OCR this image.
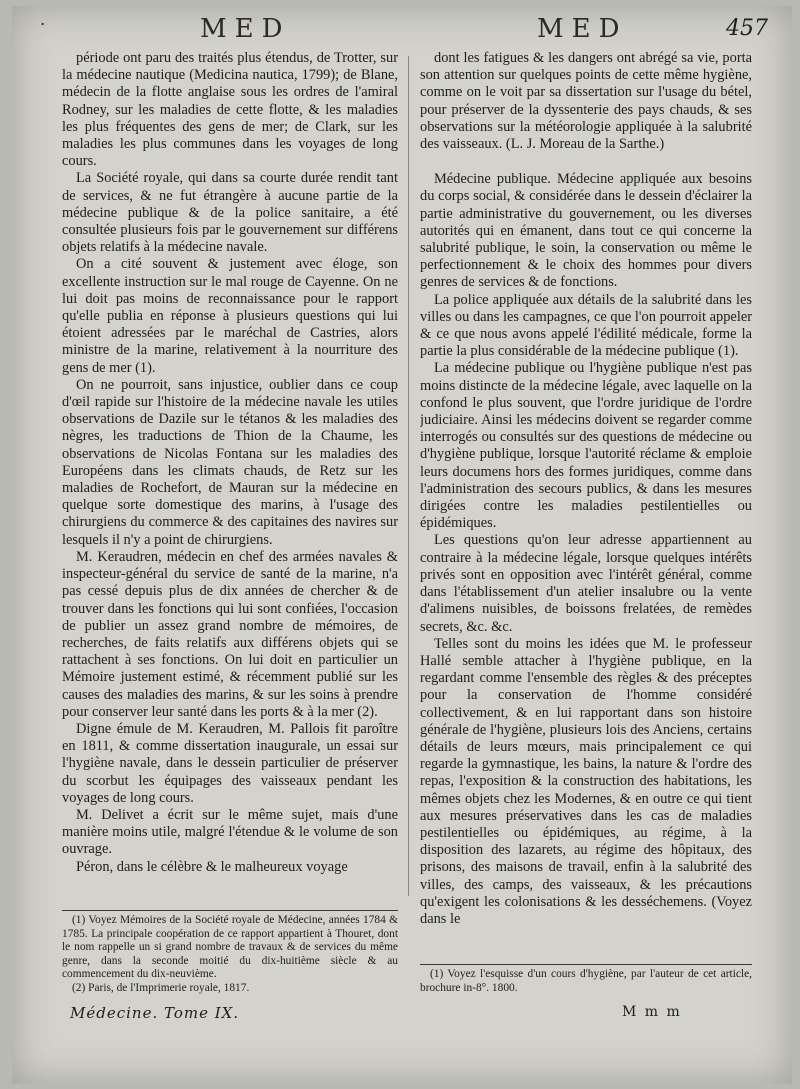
․	MED	MED	457

période ont paru des traités plus étendus, de Trotter, sur la médecine nautique (Medicina nautica, 1799); de Blane, médecin de la flotte anglaise sous les ordres de l'amiral Rodney, sur les maladies de cette flotte, & les maladies les plus fréquentes des gens de mer; de Clark, sur les maladies les plus communes dans les voyages de long cours.

La Société royale, qui dans sa courte durée rendit tant de services, & ne fut étrangère à aucune partie de la médecine publique & de la police sanitaire, a été consultée plusieurs fois par le gouvernement sur différens objets relatifs à la médecine navale.

On a cité souvent & justement avec éloge, son excellente instruction sur le mal rouge de Cayenne. On ne lui doit pas moins de reconnaissance pour le rapport qu'elle publia en réponse à plusieurs questions qui lui étoient adressées par le maréchal de Castries, alors ministre de la marine, relativement à la nourriture des gens de mer (1).

On ne pourroit, sans injustice, oublier dans ce coup d'œil rapide sur l'histoire de la médecine navale les utiles observations de Dazile sur le tétanos & les maladies des nègres, les traductions de Thion de la Chaume, les observations de Nicolas Fontana sur les maladies des Européens dans les climats chauds, de Retz sur les maladies de Rochefort, de Mauran sur la médecine en quelque sorte domestique des marins, à l'usage des chirurgiens du commerce & des capitaines des navires sur lesquels il n'y a point de chirurgiens.

M. Keraudren, médecin en chef des armées navales & inspecteur-général du service de santé de la marine, n'a pas cessé depuis plus de dix années de chercher & de trouver dans les fonctions qui lui sont confiées, l'occasion de publier un assez grand nombre de mémoires, de recherches, de faits relatifs aux différens objets qui se rattachent à ses fonctions. On lui doit en particulier un Mémoire justement estimé, & récemment publié sur les causes des maladies des marins, & sur les soins à prendre pour conserver leur santé dans les ports & à la mer (2).

Digne émule de M. Keraudren, M. Pallois fit paroître en 1811, & comme dissertation inaugurale, un essai sur l'hygiène navale, dans le dessein particulier de préserver du scorbut les équipages des vaisseaux pendant les voyages de long cours.

M. Delivet a écrit sur le même sujet, mais d'une manière moins utile, malgré l'étendue & le volume de son ouvrage.

Péron, dans le célèbre & le malheureux voyage

dont les fatigues & les dangers ont abrégé sa vie, porta son attention sur quelques points de cette même hygiène, comme on le voit par sa dissertation sur l'usage du bétel, pour préserver de la dyssenterie des pays chauds, & ses observations sur la météorologie appliquée à la salubrité des vaisseaux. (L. J. Moreau de la Sarthe.)

Médecine publique. Médecine appliquée aux besoins du corps social, & considérée dans le dessein d'éclairer la partie administrative du gouvernement, ou les diverses autorités qui en émanent, dans tout ce qui concerne la salubrité publique, le soin, la conservation ou même le perfectionnement & le choix des hommes pour divers genres de services & de fonctions.

La police appliquée aux détails de la salubrité dans les villes ou dans les campagnes, ce que l'on pourroit appeler & ce que nous avons appelé l'édilité médicale, forme la partie la plus considérable de la médecine publique (1).

La médecine publique ou l'hygiène publique n'est pas moins distincte de la médecine légale, avec laquelle on la confond le plus souvent, que l'ordre juridique de l'ordre judiciaire. Ainsi les médecins doivent se regarder comme interrogés ou consultés sur des questions de médecine ou d'hygiène publique, lorsque l'autorité réclame & emploie leurs documens hors des formes juridiques, comme dans l'administration des secours publics, & dans les mesures dirigées contre les maladies pestilentielles ou épidémiques.

Les questions qu'on leur adresse appartiennent au contraire à la médecine légale, lorsque quelques intérêts privés sont en opposition avec l'intérêt général, comme dans l'établissement d'un atelier insalubre ou la vente d'alimens nuisibles, de boissons frelatées, de remèdes secrets, &c. &c.

Telles sont du moins les idées que M. le professeur Hallé semble attacher à l'hygiène publique, en la regardant comme l'ensemble des règles & des préceptes pour la conservation de l'homme considéré collectivement, & en lui rapportant dans son histoire générale de l'hygiène, plusieurs lois des Anciens, certains détails de leurs mœurs, mais principalement ce qui regarde la gymnastique, les bains, la nature & l'ordre des repas, l'exposition & la construction des habitations, les mêmes objets chez les Modernes, & en outre ce qui tient aux mesures préservatives dans les cas de maladies pestilentielles ou épidémiques, au régime, à la disposition des lazarets, au régime des hôpitaux, des prisons, des maisons de travail, enfin à la salubrité des villes, des camps, des vaisseaux, & les précautions qu'exigent les colonisations & les desséchemens. (Voyez dans le

(1) Voyez Mémoires de la Société royale de Médecine, années 1784 & 1785. La principale coopération de ce rapport appartient à Thouret, dont le nom rappelle un si grand nombre de travaux & de services du même genre, dans la seconde moitié du dix-huitième siècle & au commencement du dix-neuvième.

(2) Paris, de l'Imprimerie royale, 1817.

(1) Voyez l'esquisse d'un cours d'hygiène, par l'auteur de cet article, brochure in-8°. 1800.

Médecine. Tome IX.	M m m
